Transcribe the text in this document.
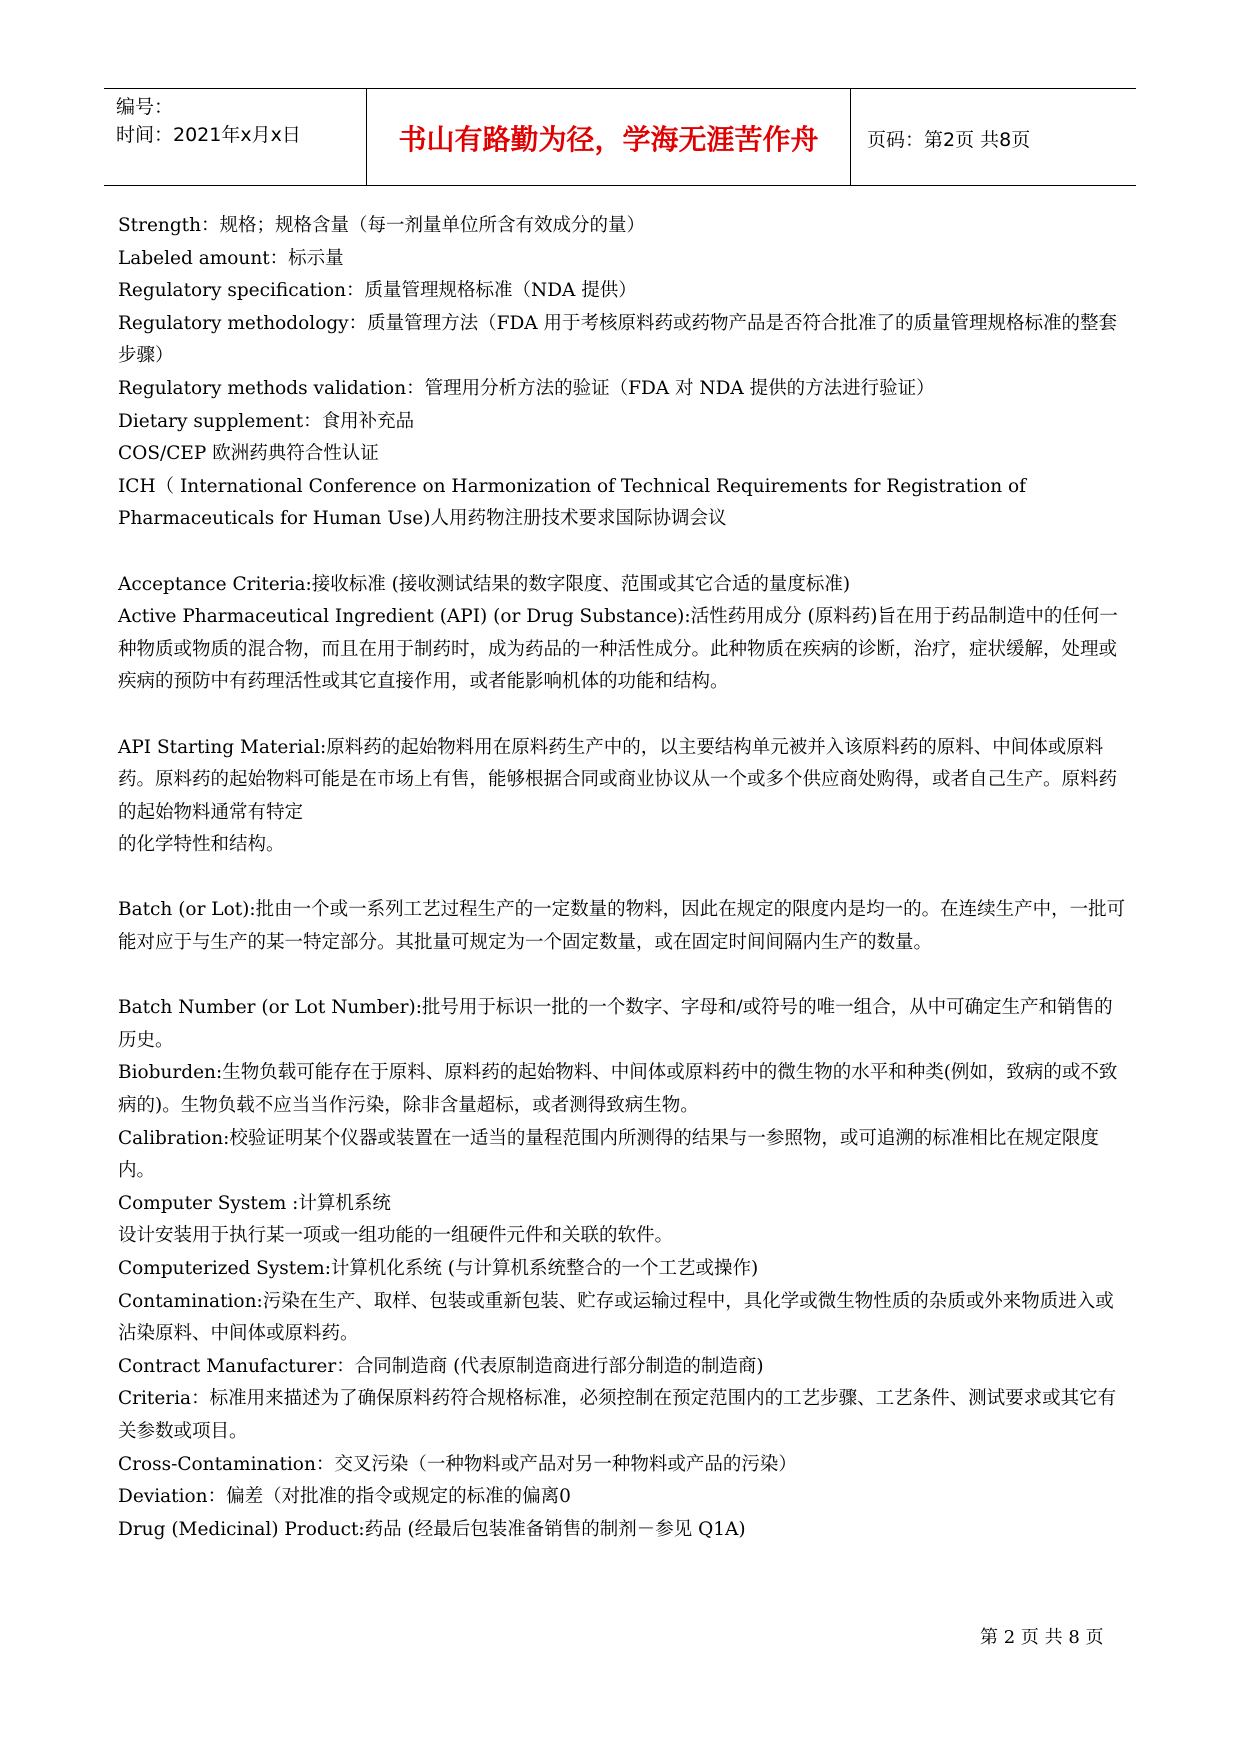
编号：
时间：2021年x月x日	书山有路勤为径，学海无涯苦作舟	页码：第2页 共8页

Strength：规格；规格含量（每一剂量单位所含有效成分的量）

Labeled amount：标示量

Regulatory specification：质量管理规格标准（NDA 提供）

Regulatory methodology：质量管理方法（FDA 用于考核原料药或药物产品是否符合批准了的质量管理规格标准的整套步骤）

Regulatory methods validation：管理用分析方法的验证（FDA 对 NDA 提供的方法进行验证）

Dietary supplement：食用补充品

COS/CEP 欧洲药典符合性认证

ICH（ International Conference on Harmonization of Technical Requirements for Registration of Pharmaceuticals for Human Use)人用药物注册技术要求国际协调会议

Acceptance Criteria:接收标准 (接收测试结果的数字限度、范围或其它合适的量度标准)

Active Pharmaceutical Ingredient (API) (or Drug Substance):活性药用成分 (原料药)旨在用于药品制造中的任何一种物质或物质的混合物，而且在用于制药时，成为药品的一种活性成分。此种物质在疾病的诊断，治疗，症状缓解，处理或疾病的预防中有药理活性或其它直接作用，或者能影响机体的功能和结构。

API Starting Material:原料药的起始物料用在原料药生产中的，以主要结构单元被并入该原料药的原料、中间体或原料药。原料药的起始物料可能是在市场上有售，能够根据合同或商业协议从一个或多个供应商处购得，或者自己生产。原料药的起始物料通常有特定

的化学特性和结构。

Batch (or Lot):批由一个或一系列工艺过程生产的一定数量的物料，因此在规定的限度内是均一的。在连续生产中，一批可能对应于与生产的某一特定部分。其批量可规定为一个固定数量，或在固定时间间隔内生产的数量。

Batch Number (or Lot Number):批号用于标识一批的一个数字、字母和/或符号的唯一组合，从中可确定生产和销售的历史。

Bioburden:生物负载可能存在于原料、原料药的起始物料、中间体或原料药中的微生物的水平和种类(例如，致病的或不致病的)。生物负载不应当当作污染，除非含量超标，或者测得致病生物。

Calibration:校验证明某个仪器或装置在一适当的量程范围内所测得的结果与一参照物，或可追溯的标准相比在规定限度内。

Computer System :计算机系统

设计安装用于执行某一项或一组功能的一组硬件元件和关联的软件。

Computerized System:计算机化系统 (与计算机系统整合的一个工艺或操作)

Contamination:污染在生产、取样、包装或重新包装、贮存或运输过程中，具化学或微生物性质的杂质或外来物质进入或沾染原料、中间体或原料药。

Contract Manufacturer：合同制造商 (代表原制造商进行部分制造的制造商)

Criteria：标准用来描述为了确保原料药符合规格标准，必须控制在预定范围内的工艺步骤、工艺条件、测试要求或其它有关参数或项目。

Cross-Contamination：交叉污染（一种物料或产品对另一种物料或产品的污染）

Deviation：偏差（对批准的指令或规定的标准的偏离0

Drug (Medicinal) Product:药品 (经最后包装准备销售的制剂－参见 Q1A)

第 2 页 共 8 页
